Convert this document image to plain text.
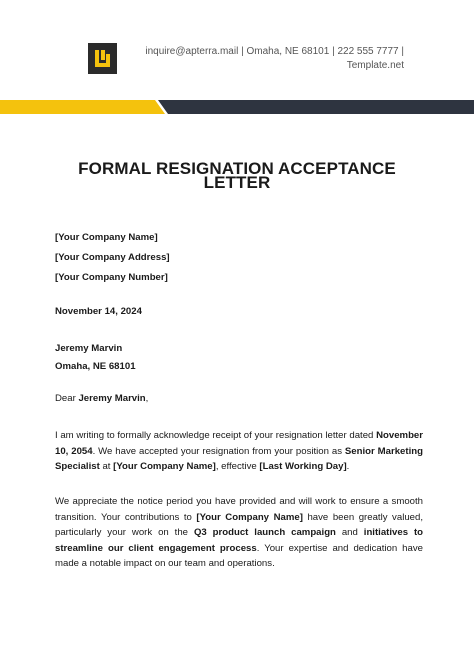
inquire@apterra.mail | Omaha, NE 68101 | 222 555 7777 |
Template.net
FORMAL RESIGNATION ACCEPTANCE
LETTER
[Your Company Name]
[Your Company Address]
[Your Company Number]
November 14, 2024
Jeremy Marvin
Omaha, NE 68101
Dear Jeremy Marvin,
I am writing to formally acknowledge receipt of your resignation letter dated November 10, 2054. We have accepted your resignation from your position as Senior Marketing Specialist at [Your Company Name], effective [Last Working Day].
We appreciate the notice period you have provided and will work to ensure a smooth transition. Your contributions to [Your Company Name] have been greatly valued, particularly your work on the Q3 product launch campaign and initiatives to streamline our client engagement process. Your expertise and dedication have made a notable impact on our team and operations.
